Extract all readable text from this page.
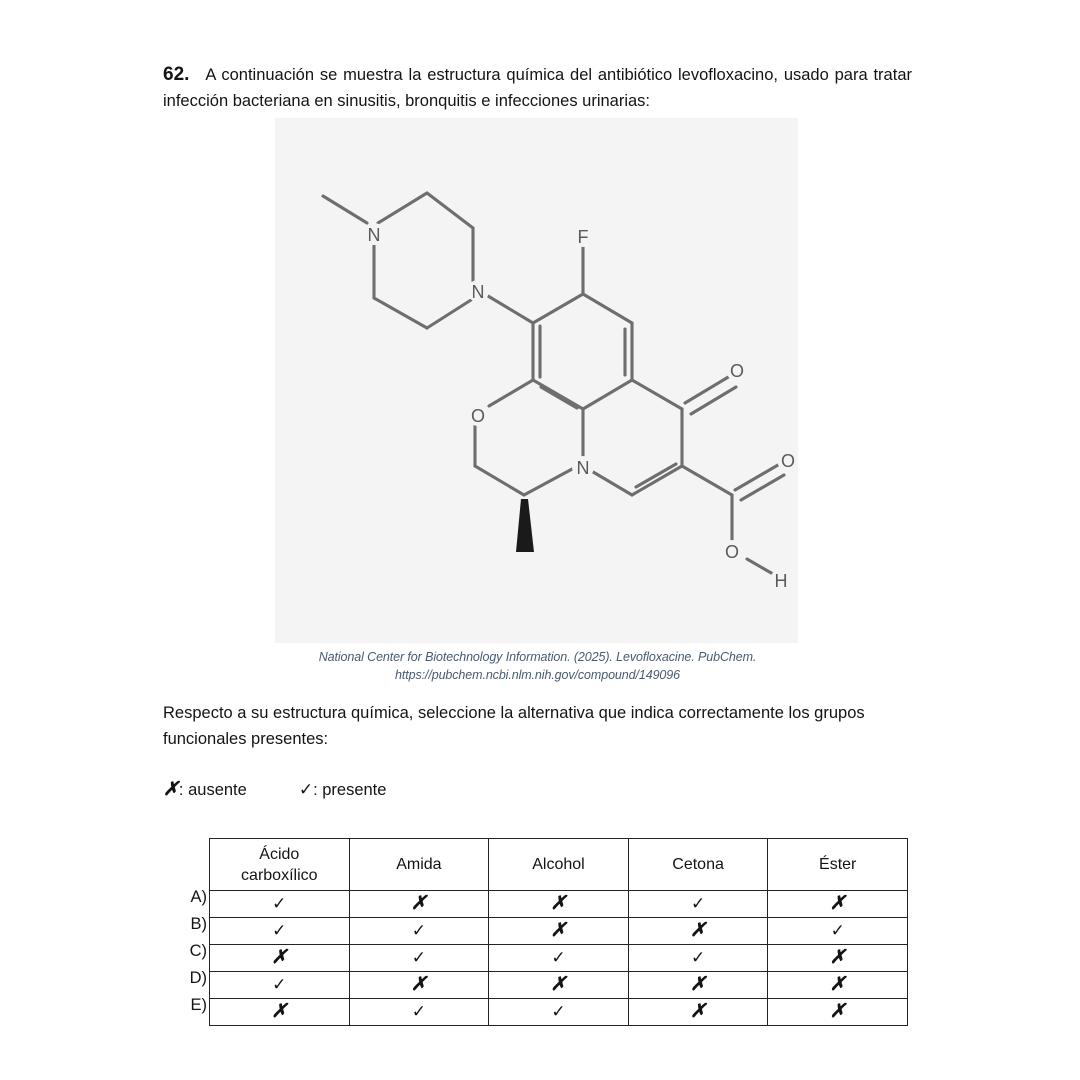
62. A continuación se muestra la estructura química del antibiótico levofloxacino, usado para tratar infección bacteriana en sinusitis, bronquitis e infecciones urinarias:
N
N
F
O
O
O
H
N
O
National Center for Biotechnology Information. (2025). Levofloxacine. PubChem.
https://pubchem.ncbi.nlm.nih.gov/compound/149096
Respecto a su estructura química, seleccione la alternativa que indica correctamente los grupos funcionales presentes:
✗: ausente	✓: presente
Ácido
carboxílico	Amida	Alcohol	Cetona	Éster
✓	✗	✗	✓	✗
✓	✓	✗	✗	✓
✗	✓	✓	✓	✗
✓	✗	✗	✗	✗
✗	✓	✓	✗	✗
A)
B)
C)
D)
E)
